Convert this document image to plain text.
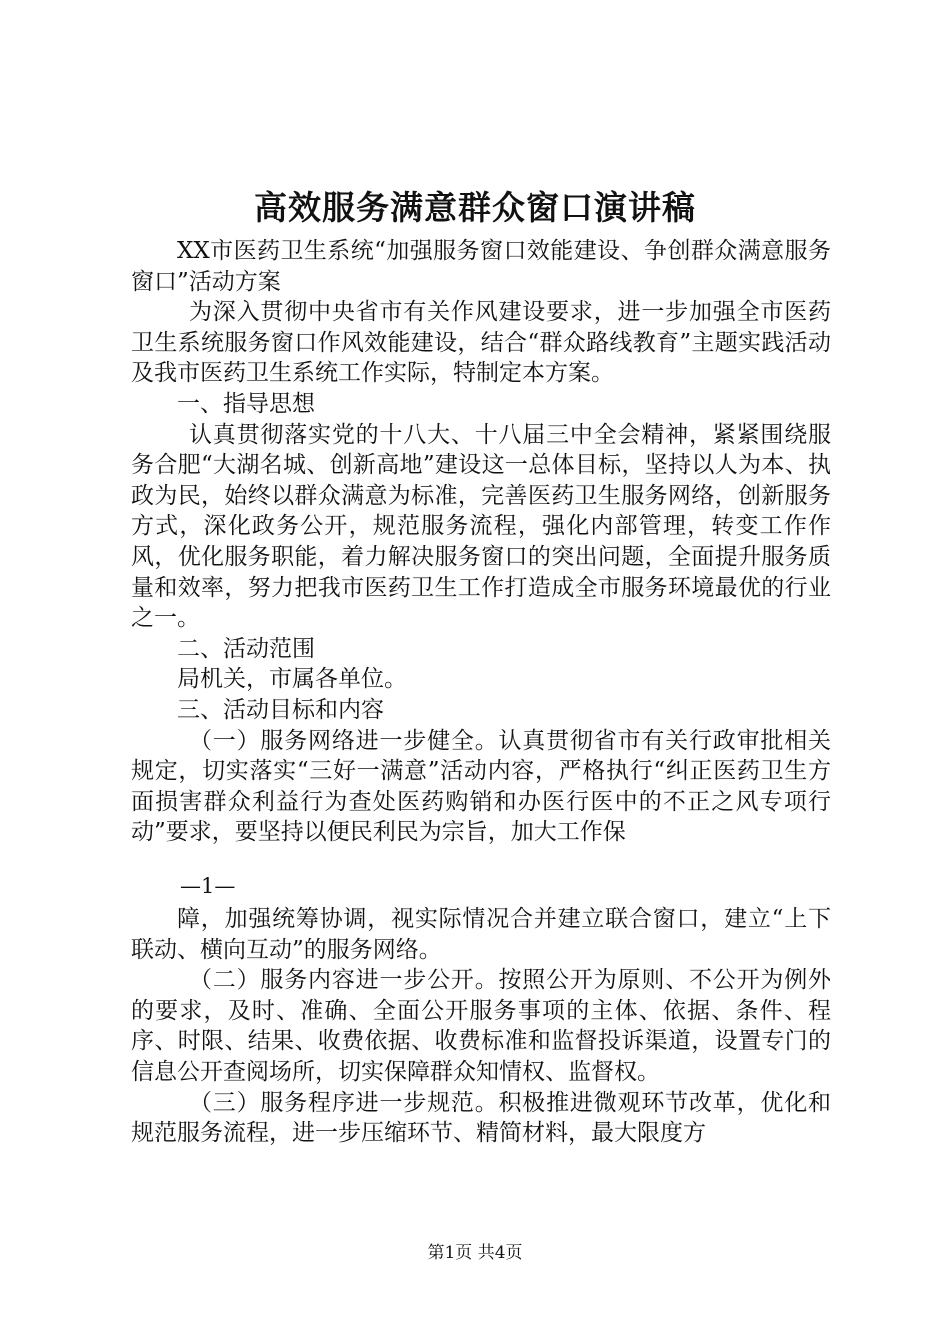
高效服务满意群众窗口演讲稿

XX市医药卫生系统“加强服务窗口效能建设、争创群众满意服务窗口”活动方案

为深入贯彻中央省市有关作风建设要求，进一步加强全市医药卫生系统服务窗口作风效能建设，结合“群众路线教育”主题实践活动及我市医药卫生系统工作实际，特制定本方案。

一、指导思想

认真贯彻落实党的十八大、十八届三中全会精神，紧紧围绕服务合肥“大湖名城、创新高地”建设这一总体目标，坚持以人为本、执政为民，始终以群众满意为标准，完善医药卫生服务网络，创新服务方式，深化政务公开，规范服务流程，强化内部管理，转变工作作风，优化服务职能，着力解决服务窗口的突出问题，全面提升服务质量和效率，努力把我市医药卫生工作打造成全市服务环境最优的行业之一。

二、活动范围

局机关，市属各单位。

三、活动目标和内容

（一）服务网络进一步健全。认真贯彻省市有关行政审批相关规定，切实落实“三好一满意”活动内容，严格执行“纠正医药卫生方面损害群众利益行为查处医药购销和办医行医中的不正之风专项行动”要求，要坚持以便民利民为宗旨，加大工作保

—1—

障，加强统筹协调，视实际情况合并建立联合窗口，建立“上下联动、横向互动”的服务网络。

（二）服务内容进一步公开。按照公开为原则、不公开为例外的要求，及时、准确、全面公开服务事项的主体、依据、条件、程序、时限、结果、收费依据、收费标准和监督投诉渠道，设置专门的信息公开查阅场所，切实保障群众知情权、监督权。

（三）服务程序进一步规范。积极推进微观环节改革，优化和规范服务流程，进一步压缩环节、精简材料，最大限度方

第1页 共4页
